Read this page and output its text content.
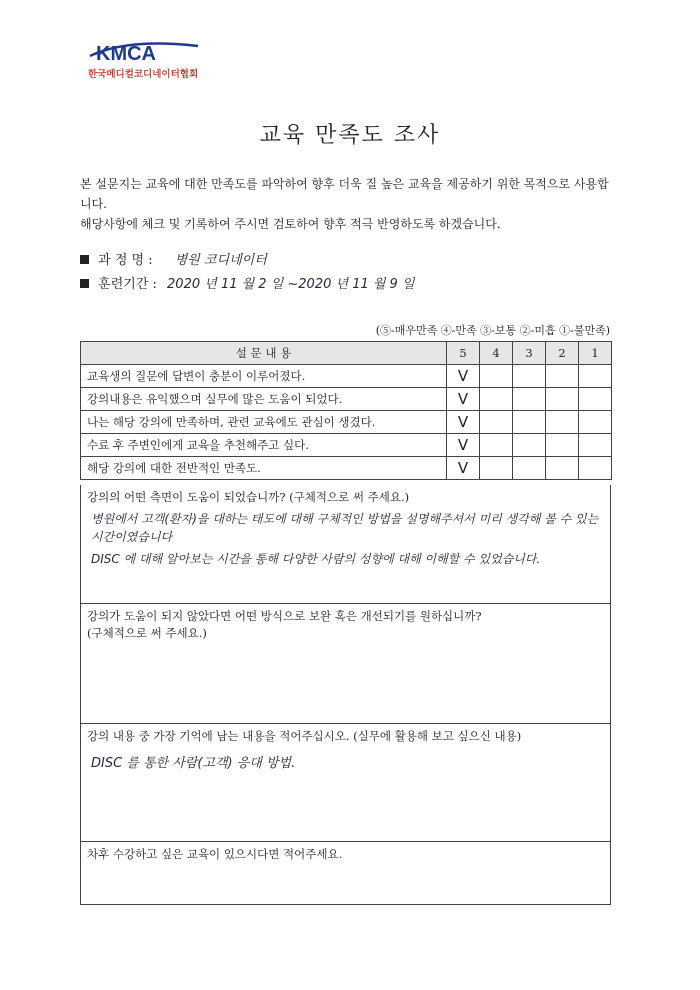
KMCA
한국메디컬코디네이터협회
교육 만족도 조사

본 설문지는 교육에 대한 만족도를 파악하여 향후 더욱 질 높은 교육을 제공하기 위한 목적으로 사용합니다.

해당사항에 체크 및 기록하여 주시면 검토하여 향후 적극 반영하도록 하겠습니다.

과 정 명 : 병원 코디네이터
훈련기간 : 2020 년 11 월 2 일 ~2020 년 11 월 9 일
(⑤-매우만족 ④-만족 ③-보통 ②-미흡 ①-불만족)
설 문 내 용	5	4	3	2	1
교육생의 질문에 답변이 충분이 이루어졌다.	V				
강의내용은 유익했으며 실무에 많은 도움이 되었다.	V				
나는 해당 강의에 만족하며, 관련 교육에도 관심이 생겼다.	V				
수료 후 주변인에게 교육을 추천해주고 싶다.	V				
해당 강의에 대한 전반적인 만족도.	V				
강의의 어떤 측면이 도움이 되었습니까? (구체적으로 써 주세요.)
병원에서 고객(환자)을 대하는 태도에 대해 구체적인 방법을 설명해주셔서 미리 생각해 볼 수 있는 시간이였습니다
DISC 에 대해 알아보는 시간을 통해 다양한 사람의 성향에 대해 이해할 수 있었습니다.
강의가 도움이 되지 않았다면 어떤 방식으로 보완 혹은 개선되기를 원하십니까?
(구체적으로 써 주세요.)
강의 내용 중 가장 기억에 남는 내용을 적어주십시오. (실무에 활용해 보고 싶으신 내용)
DISC 를 통한 사람(고객) 응대 방법.
차후 수강하고 싶은 교육이 있으시다면 적어주세요.
